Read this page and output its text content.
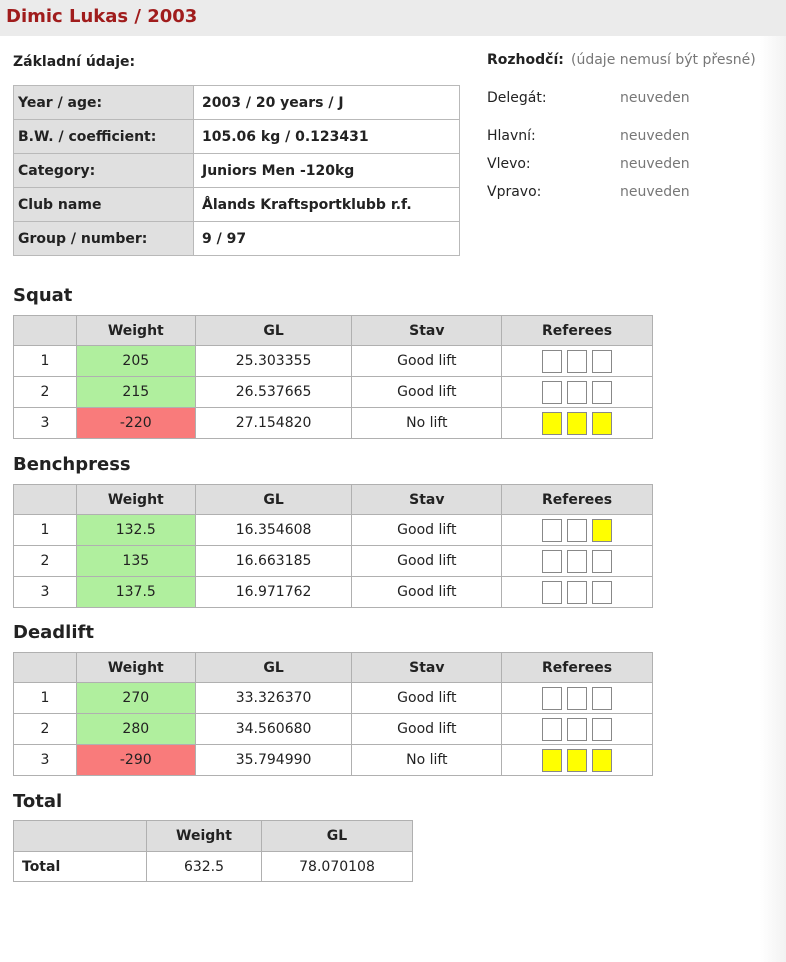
Dimic Lukas / 2003
Základní údaje:
Year / age:	2003 / 20 years / J
B.W. / coefficient:	105.06 kg / 0.123431
Category:	Juniors Men -120kg
Club name	Ålands Kraftsportklubb r.f.
Group / number:	9 / 97
Rozhodčí: (údaje nemusí být přesné)
Delegát:	neuveden
Hlavní:	neuveden
Vlevo:	neuveden
Vpravo:	neuveden
Squat
	Weight	GL	Stav	Referees
1	205	25.303355	Good lift	

2	215	26.537665	Good lift	

3	-220	27.154820	No lift	
Benchpress
	Weight	GL	Stav	Referees
1	132.5	16.354608	Good lift	

2	135	16.663185	Good lift	

3	137.5	16.971762	Good lift	
Deadlift
	Weight	GL	Stav	Referees
1	270	33.326370	Good lift	

2	280	34.560680	Good lift	

3	-290	35.794990	No lift	
Total
	Weight	GL
Total	632.5	78.070108
